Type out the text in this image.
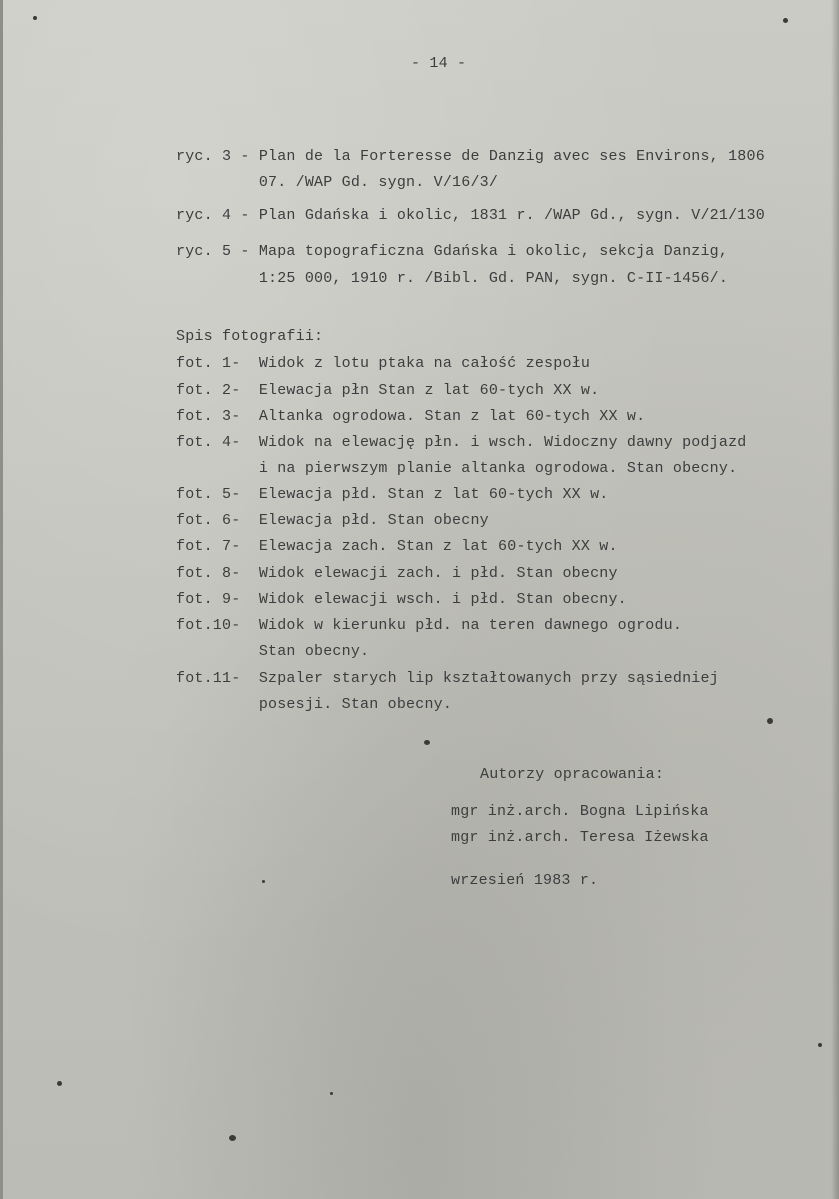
- 14 -
ryc. 3 - Plan de la Forteresse de Danzig avec ses Environs, 1806
07. /WAP Gd. sygn. V/16/3/
ryc. 4 - Plan Gdańska i okolic, 1831 r. /WAP Gd., sygn. V/21/130
ryc. 5 - Mapa topograficzna Gdańska i okolic, sekcja Danzig,
1:25 000, 1910 r. /Bibl. Gd. PAN, sygn. C-II-1456/.
Spis fotografii:
fot. 1-  Widok z lotu ptaka na całość zespołu
fot. 2-  Elewacja płn Stan z lat 60-tych XX w.
fot. 3-  Altanka ogrodowa. Stan z lat 60-tych XX w.
fot. 4-  Widok na elewację płn. i wsch. Widoczny dawny podjazd
i na pierwszym planie altanka ogrodowa. Stan obecny.
fot. 5-  Elewacja płd. Stan z lat 60-tych XX w.
fot. 6-  Elewacja płd. Stan obecny
fot. 7-  Elewacja zach. Stan z lat 60-tych XX w.
fot. 8-  Widok elewacji zach. i płd. Stan obecny
fot. 9-  Widok elewacji wsch. i płd. Stan obecny.
fot.10-  Widok w kierunku płd. na teren dawnego ogrodu.
Stan obecny.
fot.11-  Szpaler starych lip kształtowanych przy sąsiedniej
posesji. Stan obecny.
Autorzy opracowania:
mgr inż.arch. Bogna Lipińska
mgr inż.arch. Teresa Iżewska
wrzesień 1983 r.
